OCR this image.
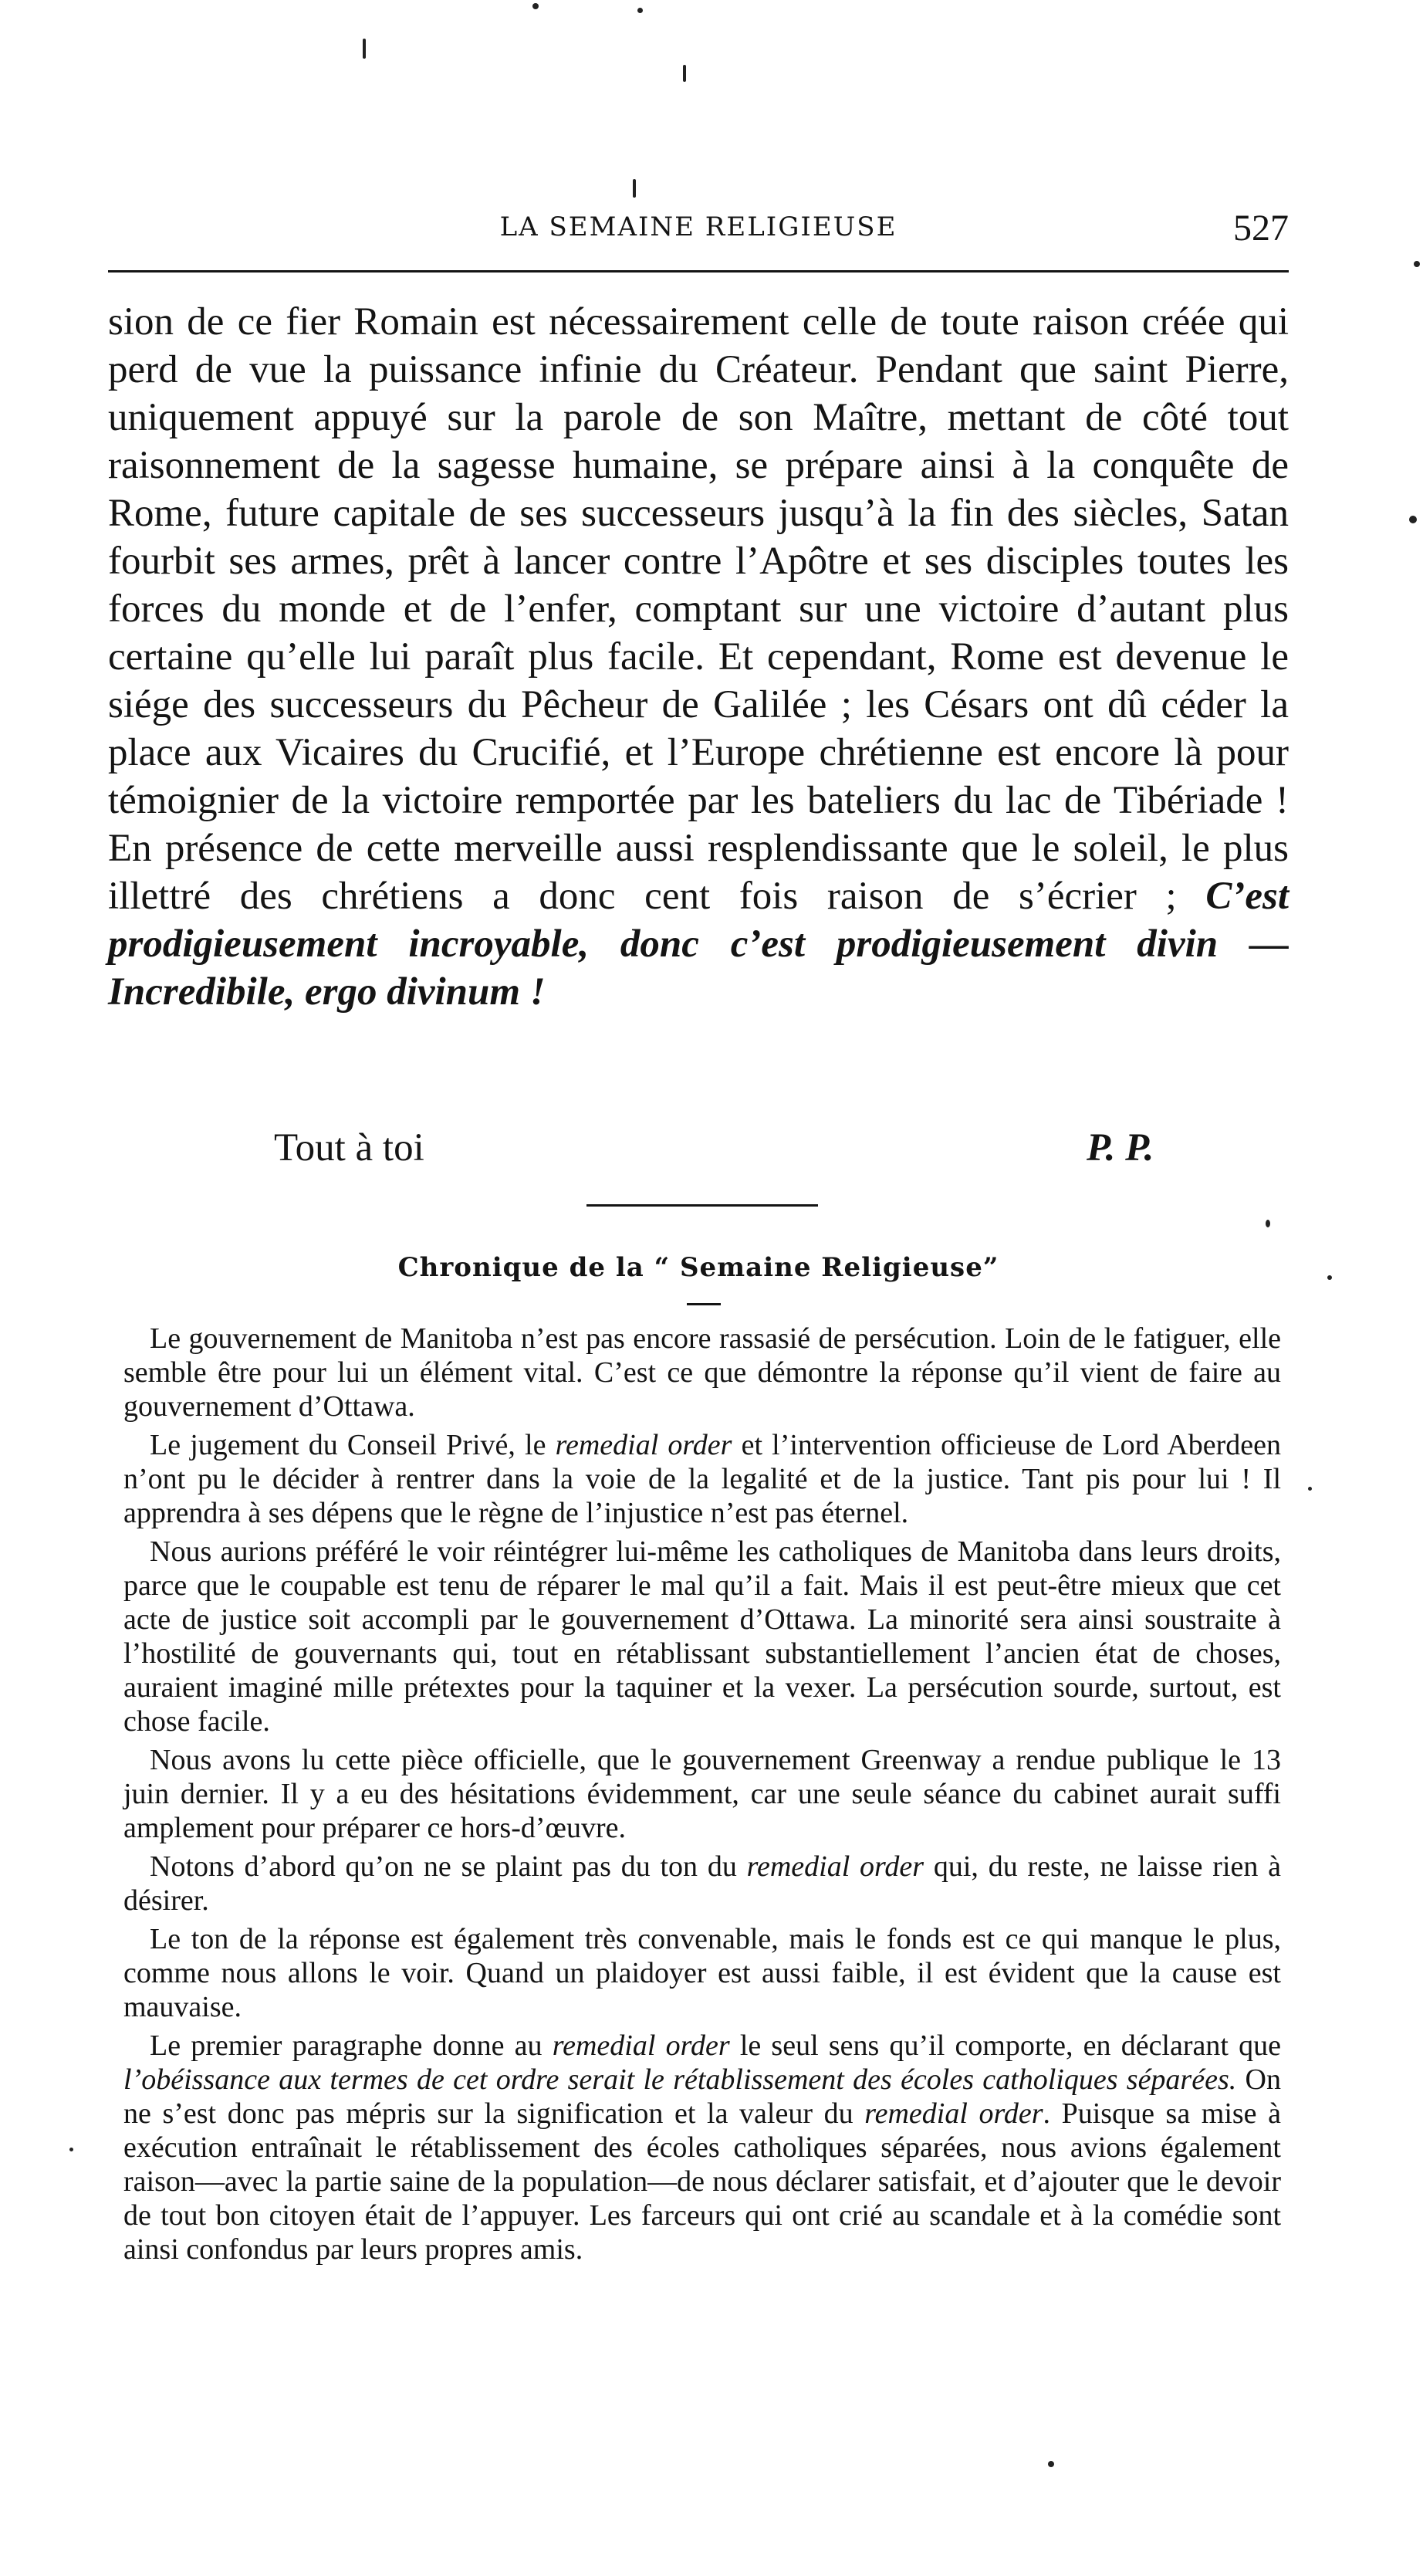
LA SEMAINE RELIGIEUSE	527

sion de ce fier Romain est nécessairement celle de toute raison créée qui perd de vue la puissance infinie du Créateur. Pendant que saint Pierre, uniquement appuyé sur la parole de son Maître, mettant de côté tout raisonnement de la sagesse humaine, se prépare ainsi à la conquête de Rome, future capitale de ses successeurs jusqu’à la fin des siècles, Satan fourbit ses armes, prêt à lancer contre l’Apôtre et ses disciples toutes les forces du monde et de l’enfer, comptant sur une victoire d’autant plus certaine qu’elle lui paraît plus facile. Et cependant, Rome est devenue le siége des successeurs du Pêcheur de Galilée ; les Césars ont dû céder la place aux Vicaires du Crucifié, et l’Europe chrétienne est encore là pour témoignier de la victoire remportée par les bateliers du lac de Tibériade ! En présence de cette merveille aussi resplendissante que le soleil, le plus illettré des chrétiens a donc cent fois raison de s’écrier ; C’est prodigieusement incroyable, donc c’est prodigieusement divin — Incredibile, ergo divinum !

Tout à toi	P. P.
Chronique de la “ Semaine Religieuse”

Le gouvernement de Manitoba n’est pas encore rassasié de persécution. Loin de le fatiguer, elle semble être pour lui un élément vital. C’est ce que démontre la réponse qu’il vient de faire au gouvernement d’Ottawa.

Le jugement du Conseil Privé, le remedial order et l’intervention officieuse de Lord Aberdeen n’ont pu le décider à rentrer dans la voie de la legalité et de la justice. Tant pis pour lui ! Il apprendra à ses dépens que le règne de l’injustice n’est pas éternel.

Nous aurions préféré le voir réintégrer lui-même les catholiques de Manitoba dans leurs droits, parce que le coupable est tenu de réparer le mal qu’il a fait. Mais il est peut-être mieux que cet acte de justice soit accompli par le gouvernement d’Ottawa. La minorité sera ainsi soustraite à l’hostilité de gouvernants qui, tout en rétablissant substantiellement l’ancien état de choses, auraient imaginé mille prétextes pour la taquiner et la vexer. La persécution sourde, surtout, est chose facile.

Nous avons lu cette pièce officielle, que le gouvernement Greenway a rendue publique le 13 juin dernier. Il y a eu des hésitations évidemment, car une seule séance du cabinet aurait suffi amplement pour préparer ce hors-d’œuvre.

Notons d’abord qu’on ne se plaint pas du ton du remedial order qui, du reste, ne laisse rien à désirer.

Le ton de la réponse est également très convenable, mais le fonds est ce qui manque le plus, comme nous allons le voir. Quand un plaidoyer est aussi faible, il est évident que la cause est mauvaise.

Le premier paragraphe donne au remedial order le seul sens qu’il comporte, en déclarant que l’obéissance aux termes de cet ordre serait le rétablissement des écoles catholiques séparées. On ne s’est donc pas mépris sur la signification et la valeur du remedial order. Puisque sa mise à exécution entraînait le rétablissement des écoles catholiques séparées, nous avions également raison—avec la partie saine de la population—de nous déclarer satisfait, et d’ajouter que le devoir de tout bon citoyen était de l’appuyer. Les farceurs qui ont crié au scandale et à la comédie sont ainsi confondus par leurs propres amis.
